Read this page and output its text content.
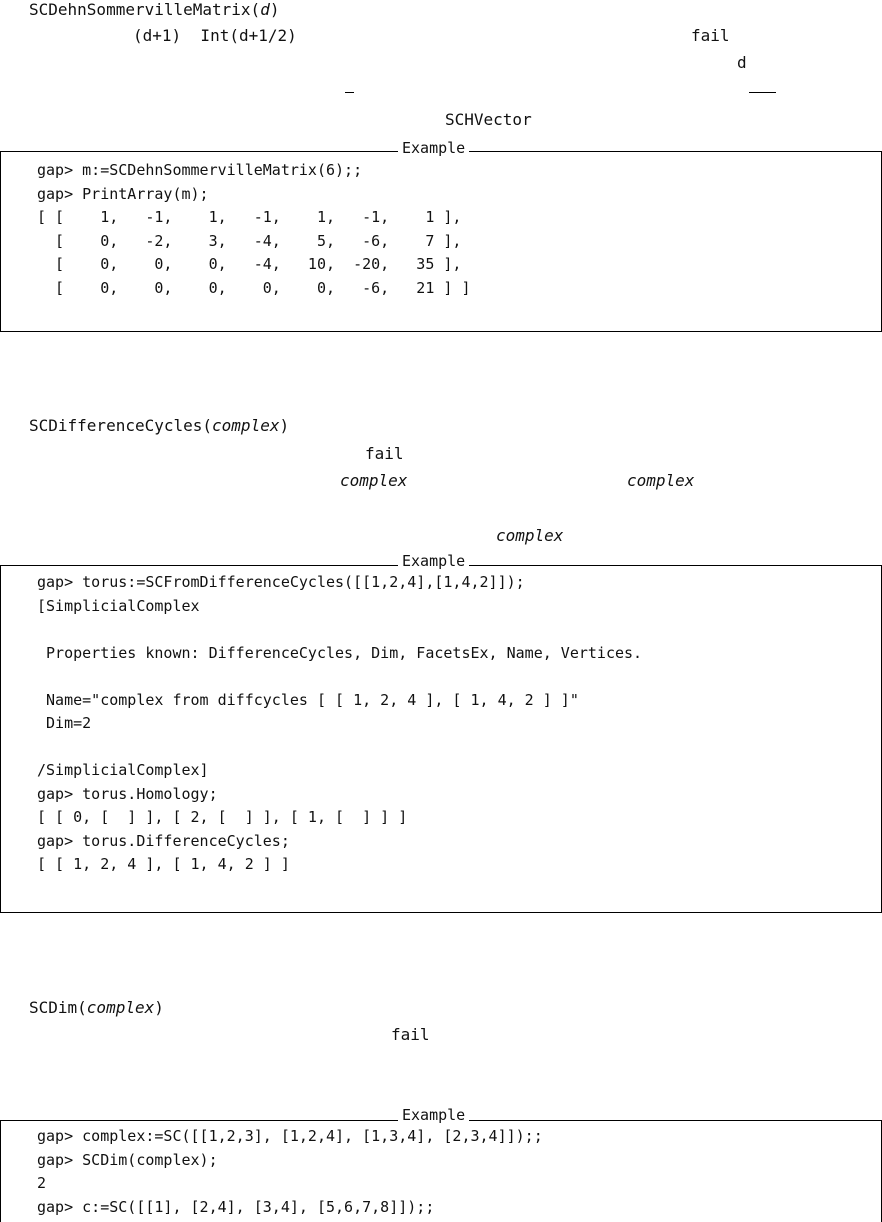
SCDehnSommervilleMatrix(d)
(d+1)  Int(d+1/2)	fail
d
SCHVector
Example
gap> m:=SCDehnSommervilleMatrix(6);;
gap> PrintArray(m);
[ [    1,   -1,    1,   -1,    1,   -1,    1 ],
[    0,   -2,    3,   -4,    5,   -6,    7 ],
[    0,    0,    0,   -4,   10,  -20,   35 ],
[    0,    0,    0,    0,    0,   -6,   21 ] ]
SCDifferenceCycles(complex)
fail
complex	complex
complex
Example
gap> torus:=SCFromDifferenceCycles([[1,2,4],[1,4,2]]);
[SimplicialComplex
Properties known: DifferenceCycles, Dim, FacetsEx, Name, Vertices.
Name="complex from diffcycles [ [ 1, 2, 4 ], [ 1, 4, 2 ] ]"
Dim=2
/SimplicialComplex]
gap> torus.Homology;
[ [ 0, [  ] ], [ 2, [  ] ], [ 1, [  ] ] ]
gap> torus.DifferenceCycles;
[ [ 1, 2, 4 ], [ 1, 4, 2 ] ]
SCDim(complex)
fail
Example
gap> complex:=SC([[1,2,3], [1,2,4], [1,3,4], [2,3,4]]);;
gap> SCDim(complex);
2
gap> c:=SC([[1], [2,4], [3,4], [5,6,7,8]]);;
